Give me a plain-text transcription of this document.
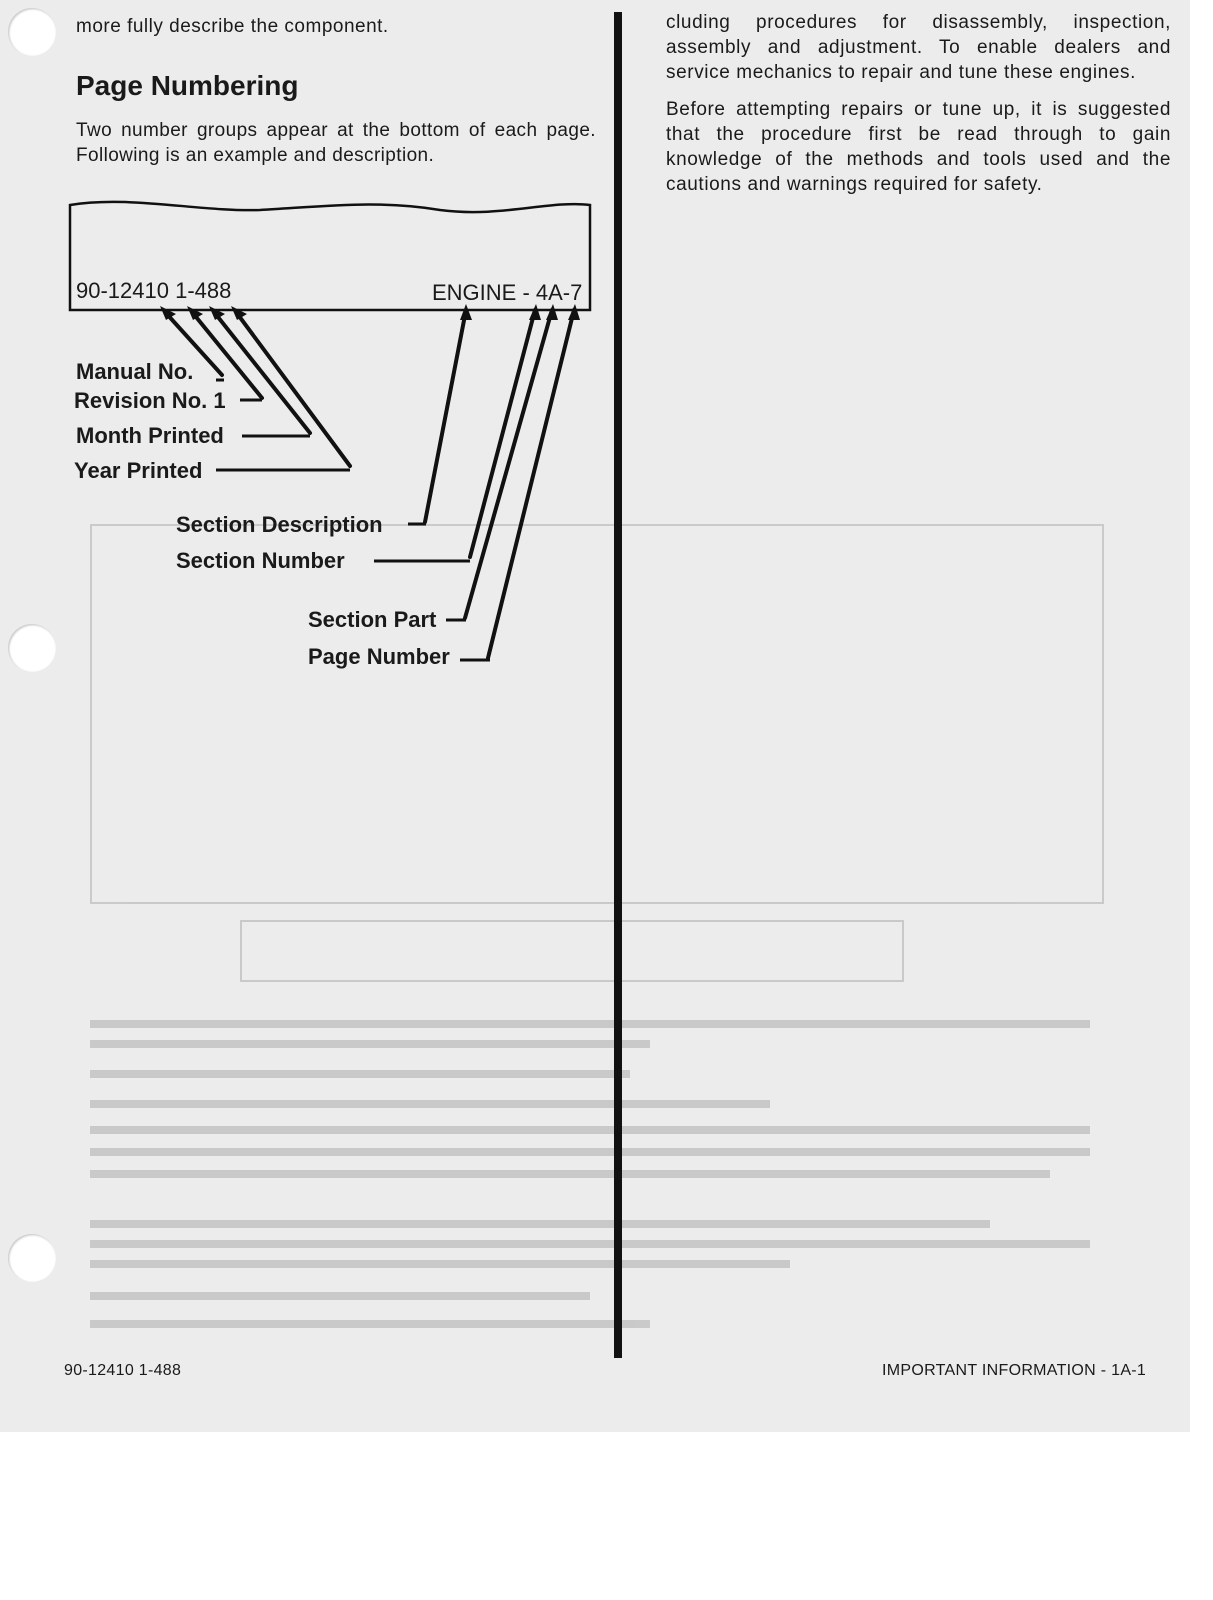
more fully describe the component.
Page Numbering
Two number groups appear at the bottom of each page. Following is an example and description.
90-12410 1-488	ENGINE - 4A-7
Manual No.
Revision No. 1
Month Printed
Year Printed
Section Description
Section Number
Section Part
Page Number

cluding procedures for disassembly, inspection, assembly and adjustment. To enable dealers and service mechanics to repair and tune these engines.

Before attempting repairs or tune up, it is suggested that the procedure first be read through to gain knowledge of the methods and tools used and the cautions and warnings required for safety.

90-12410 1-488	IMPORTANT INFORMATION - 1A-1
